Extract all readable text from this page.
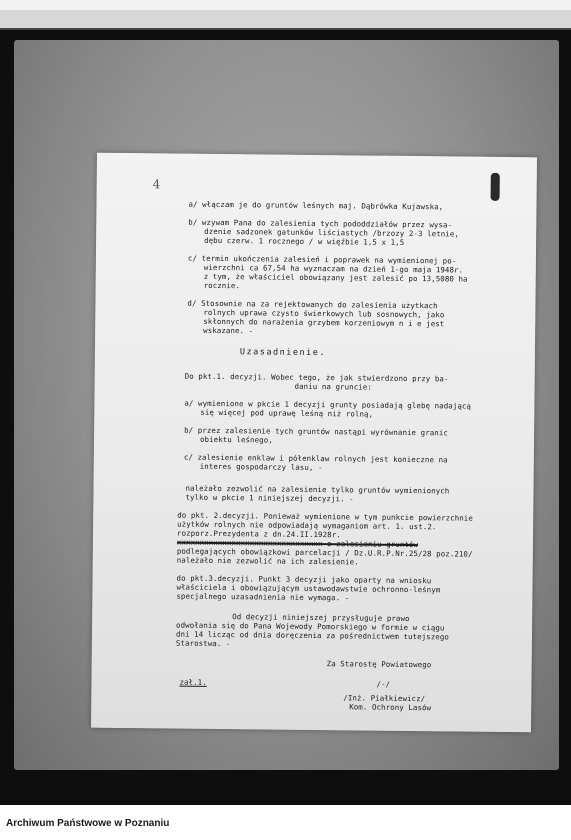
4
a/ włączam je do gruntów leśnych maj. Dąbrówka Kujawska,
b/ wzywam Pana do zalesienia tych pododdziałów przez wysa-
dzenie sadzonek gatunków liściastych /brzozy 2-3 letnie,
dębu czerw. 1 rocznego / w więźbie 1,5 x 1,5
c/ termin ukończenia zalesień i poprawek na wymienionej po-
wierzchni ca 67,54 ha wyznaczam na dzień 1-go maja 1948r.
z tym, że właściciel obowiązany jest zalesić po 13,5080 ha
rocznie.
d/ Stosownie na za rejektowanych do zalesienia użytkach
rolnych uprawa czysto świerkowych lub sosnowych, jako
skłonnych do narażenia grzybem korzeniowym n i e jest
wskazane. -
Uzasadnienie.
Do pkt.1. decyzji. Wobec tego, że jak stwierdzono przy ba-
daniu na gruncie:
a/ wymienione w pkcie 1 decyzji grunty posiadają glebę nadającą
się więcej pod uprawę leśną niż rolną,
b/ przez zalesienie tych gruntów nastąpi wyrównanie granic
obiektu leśnego,
c/ zalesienie enklaw i półenklaw rolnych jest konieczne na
interes gospodarczy lasu, -
należało zezwolić na zalesienie tylko gruntów wymienionych
tylko w pkcie 1 niniejszej decyzji. -
do pkt. 2.decyzji. Ponieważ wymienione w tym punkcie powierzchnie
użytków rolnych nie odpowiadają wymaganiom art. 1. ust.2.
rozporz.Prezydenta z dn.24.II.1928r.
xxxxxxxxxxxxxxxxxxxxxxxxxxxxxxxx o zalesieniu gruntów
podlegających obowiązkowi parcelacji / Dz.U.R.P.Nr.25/28 poz.210/
należało nie zezwolić na ich zalesienie.
do pkt.3.decyzji. Punkt 3 decyzji jako oparty na wniosku
właściciela i obowiązującym ustawodawstwie ochronno-leśnym
specjalnego uzasadnienia nie wymaga. -
Od decyzji niniejszej przysługuje prawo
odwołania się do Pana Wojewody Pomorskiego w formie w ciągu
dni 14 licząc od dnia doręczenia za pośrednictwem tutejszego
Starostwa. -
Za Starostę Powiatowego
zał.1.	/-/
/Inż. Piałkiewicz/
Kom. Ochrony Lasów
Archiwum Państwowe w Poznaniu
